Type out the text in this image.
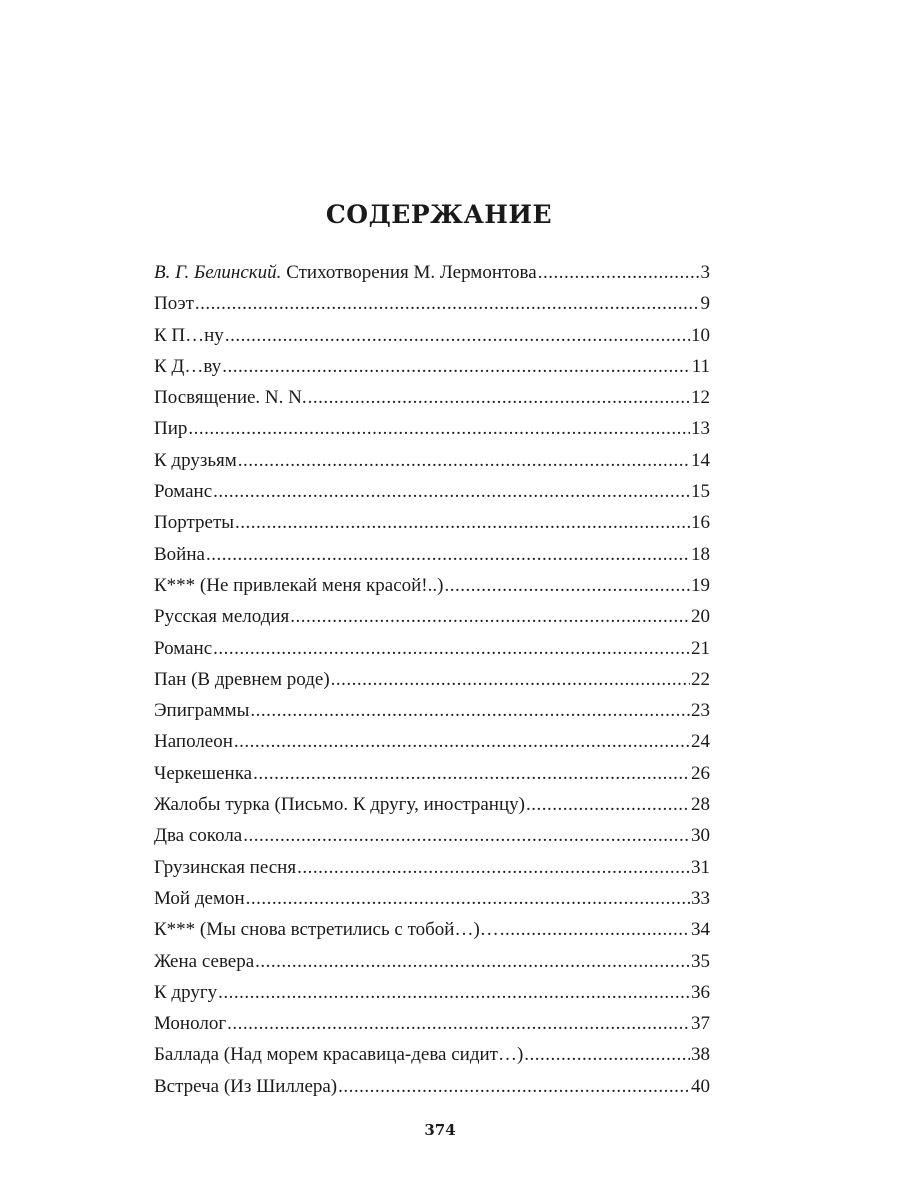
СОДЕРЖАНИЕ
В. Г. Белинский. Стихотворения М. Лермонтова .....	3
Поэт .....	9
К П…ну .....	10
К Д…ву .....	11
Посвящение. N. N. .....	12
Пир .....	13
К друзьям .....	14
Романс .....	15
Портреты .....	16
Война .....	18
К*** (Не привлекай меня красой!..) .....	19
Русская мелодия .....	20
Романс .....	21
Пан (В древнем роде) .....	22
Эпиграммы .....	23
Наполеон .....	24
Черкешенка .....	26
Жалобы турка (Письмо. К другу, иностранцу) .....	28
Два сокола .....	30
Грузинская песня .....	31
Мой демон .....	33
К*** (Мы снова встретились с тобой…)… .....	34
Жена севера .....	35
К другу .....	36
Монолог .....	37
Баллада (Над морем красавица-дева сидит…) .....	38
Встреча (Из Шиллера) .....	40

374
